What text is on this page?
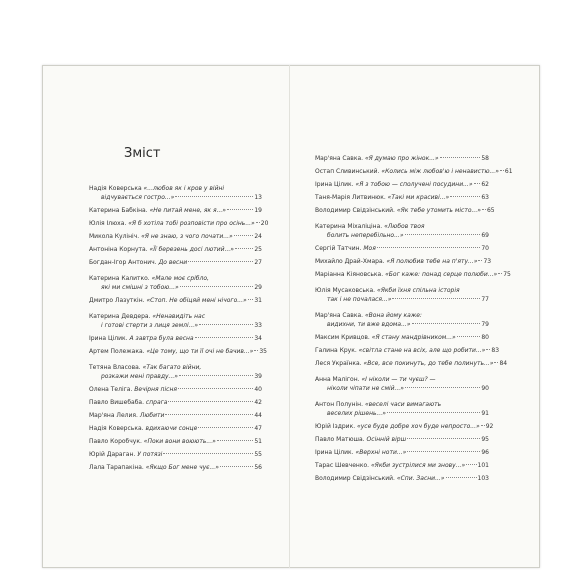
Зміст
Надія Коверська
«...любов як і кров у війні
відчувається гостро...»	13
Катерина Бабкіна.
«Не питай мене, як я...»	19
Юлія Ілюха.
«Я б хотіла тобі розповісти про осінь...» 20
Микола Кулініч.
«Я не знаю, з чого почати...»	24
Антоніна Корнута.
«Її березень досі лютий...»	25
Богдан-Ігор Антонич.
До весни	27
Катерина Калитко.
«Мале моє срібло,
які ми смішні з тобою...»	29
Дмитро Лазуткін.
«Стоп. Не обіцяй мені нічого...» 31
Катерина Девдера.
«Ненавидіть нас
і готові стерти з лиця землі...»	33
Ірина Цілик.
А завтра була весна	34
Артем Полежака.
«Це тому, що ти її очі не бачив...» 35
Тетяна Власова.
«Так багато війни,
розкажи мені правду...»	39
Олена Теліга.
Вечірня пісня	40
Павло Вишебаба.
спрага	42
Мар'яна Лелия.
Любити	44
Надія Коверська.
вдихаючи сонце	47
Павло Коробчук.
«Поки вони воюють...»	51
Юрій Дараган.
У потязі	55
Лала Тарапакіна.
«Якщо Бог мене чує...»	56
Мар'яна Савка.
«Я думаю про жінок...»	58
Остап Сливинський.
«Колись між любов'ю і ненавистю...» 61
Ірина Цілик.
«Я з тобою — сполучені посудини...» 62
Таня-Марія Литвинюк.
«Такі ми красиві...»	63
Володимир Свідзінський.
«Як тебе утомить місто...» 65
Катерина Міхаліціна.
«Любов твоя
болить неперебільно...»	69
Сергій Татчин.
Моя	70
Михайло Драй-Хмара.
«Я полюбив тебе на п'яту...» 73
Маріанна Кіяновська.
«Бог каже: понад серце полюби...» 75
Юлія Мусаковська.
«Якби їхня спільна історія
так і не почалася...»	77
Мар'яна Савка.
«Вона йому каже:
видихни, ти вже вдома...»	79
Максим Кривцов.
«Я стану мандрівником...»	80
Галина Крук.
«світла стане на всіх, але що робити...» 83
Леся Українка.
«Все, все покинуть, до тебе полинуть...» 84
Анна Малігон.
«І ніколи — ти чуєш? —
ніколи чіпати не смій...»	90
Антон Полунін.
«веселі часи вимагають
веселих рішень...»	91
Юрій Іздрик.
«усе буде добре хоч буде непросто...» 92
Павло Матюша.
Осінній вірш	95
Ірина Цілик.
«Верхні ноти...»	96
Тарас Шевченко.
«Якби зустрілися ми знову...» 101
Володимир Свідзінський.
«Спи. Засни...»	103
